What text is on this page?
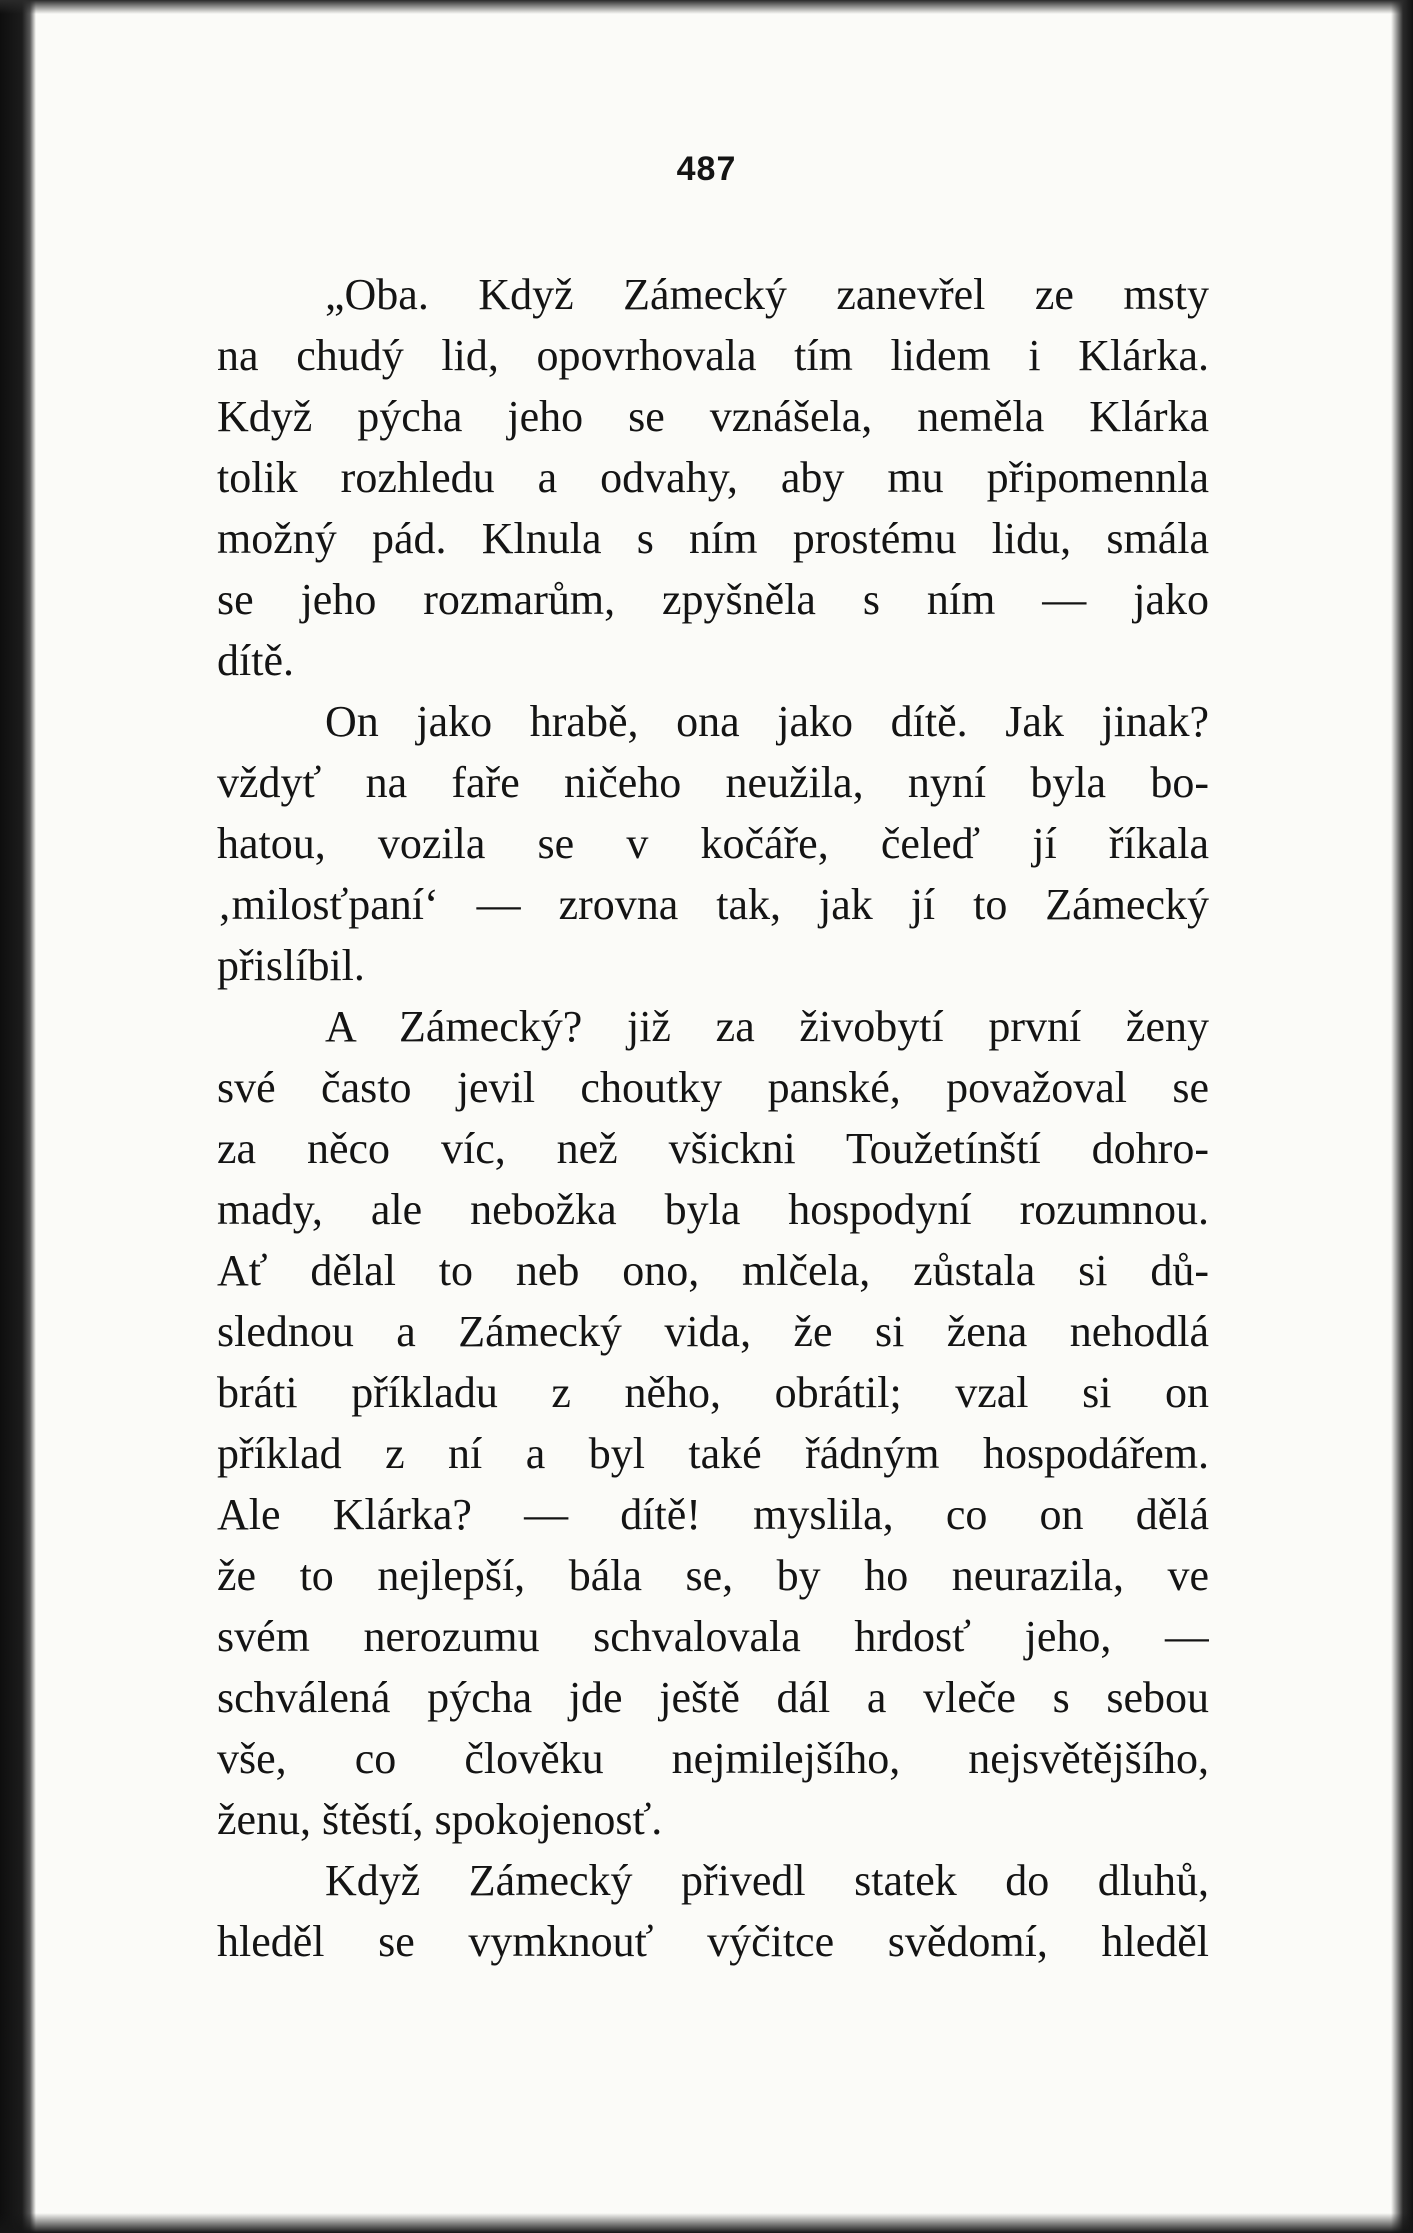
487
„Oba. Když Zámecký zanevřel ze msty
na chudý lid, opovrhovala tím lidem i Klárka.
Když pýcha jeho se vznášela, neměla Klárka
tolik rozhledu a odvahy, aby mu připomennla
možný pád. Klnula s ním prostému lidu, smála
se jeho rozmarům, zpyšněla s ním — jako
dítě.
On jako hrabě, ona jako dítě. Jak jinak?
vždyť na faře ničeho neužila, nyní byla bo-
hatou, vozila se v kočáře, čeleď jí říkala
‚milosťpaní‘ — zrovna tak, jak jí to Zámecký
přislíbil.
A Zámecký? již za živobytí první ženy
své často jevil choutky panské, považoval se
za něco víc, než všickni Toužetínští dohro-
mady, ale nebožka byla hospodyní rozumnou.
Ať dělal to neb ono, mlčela, zůstala si dů-
slednou a Zámecký vida, že si žena nehodlá
bráti příkladu z něho, obrátil; vzal si on
příklad z ní a byl také řádným hospodářem.
Ale Klárka? — dítě! myslila, co on dělá
že to nejlepší, bála se, by ho neurazila, ve
svém nerozumu schvalovala hrdosť jeho, —
schválená pýcha jde ještě dál a vleče s sebou
vše, co člověku nejmilejšího, nejsvětějšího,
ženu, štěstí, spokojenosť.
Když Zámecký přivedl statek do dluhů,
hleděl se vymknouť výčitce svědomí, hleděl
